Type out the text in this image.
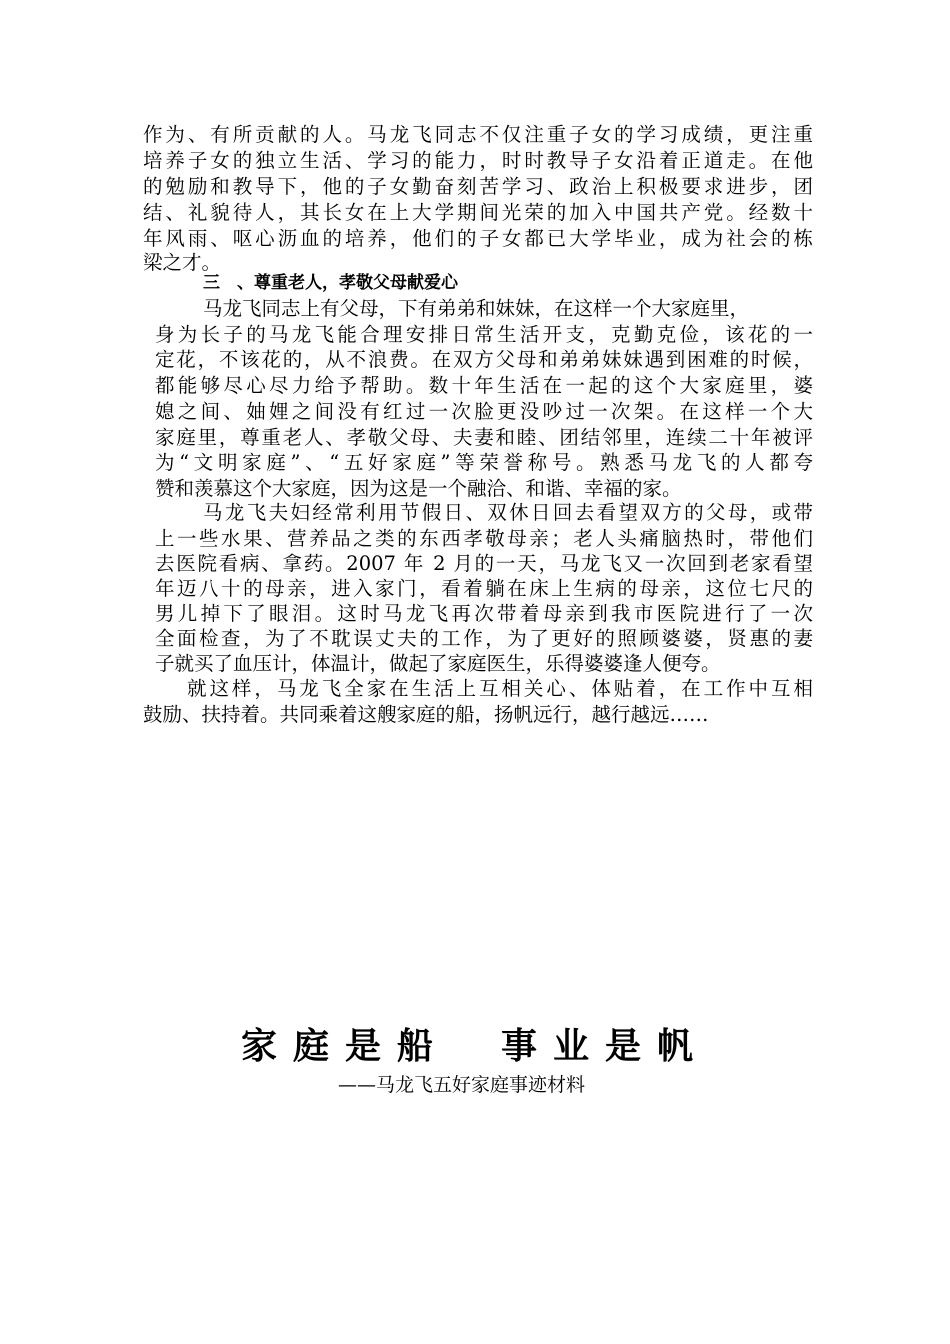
作为、有所贡献的人。马龙飞同志不仅注重子女的学习成绩，更注重
培养子女的独立生活、学习的能力，时时教导子女沿着正道走。在他
的勉励和教导下，他的子女勤奋刻苦学习、政治上积极要求进步，团
结、礼貌待人，其长女在上大学期间光荣的加入中国共产党。经数十
年风雨、呕心沥血的培养，他们的子女都已大学毕业，成为社会的栋
梁之才。
三　、尊重老人，孝敬父母献爱心
马龙飞同志上有父母，下有弟弟和妹妹，在这样一个大家庭里，
身为长子的马龙飞能合理安排日常生活开支，克勤克俭，该花的一
定花，不该花的，从不浪费。在双方父母和弟弟妹妹遇到困难的时候，
都能够尽心尽力给予帮助。数十年生活在一起的这个大家庭里，婆
媳之间、妯娌之间没有红过一次脸更没吵过一次架。在这样一个大
家庭里，尊重老人、孝敬父母、夫妻和睦、团结邻里，连续二十年被评
为“文明家庭”、“五好家庭”等荣誉称号。熟悉马龙飞的人都夸
赞和羡慕这个大家庭，因为这是一个融洽、和谐、幸福的家。
马龙飞夫妇经常利用节假日、双休日回去看望双方的父母，或带
上一些水果、营养品之类的东西孝敬母亲；老人头痛脑热时，带他们
去医院看病、拿药。2007 年 2 月的一天，马龙飞又一次回到老家看望
年迈八十的母亲，进入家门，看着躺在床上生病的母亲，这位七尺的
男儿掉下了眼泪。这时马龙飞再次带着母亲到我市医院进行了一次
全面检查，为了不耽误丈夫的工作，为了更好的照顾婆婆，贤惠的妻
子就买了血压计，体温计，做起了家庭医生，乐得婆婆逢人便夸。
就这样，马龙飞全家在生活上互相关心、体贴着，在工作中互相
鼓励、扶持着。共同乘着这艘家庭的船，扬帆远行，越行越远……
家庭是船　事业是帆
——马龙飞五好家庭事迹材料
